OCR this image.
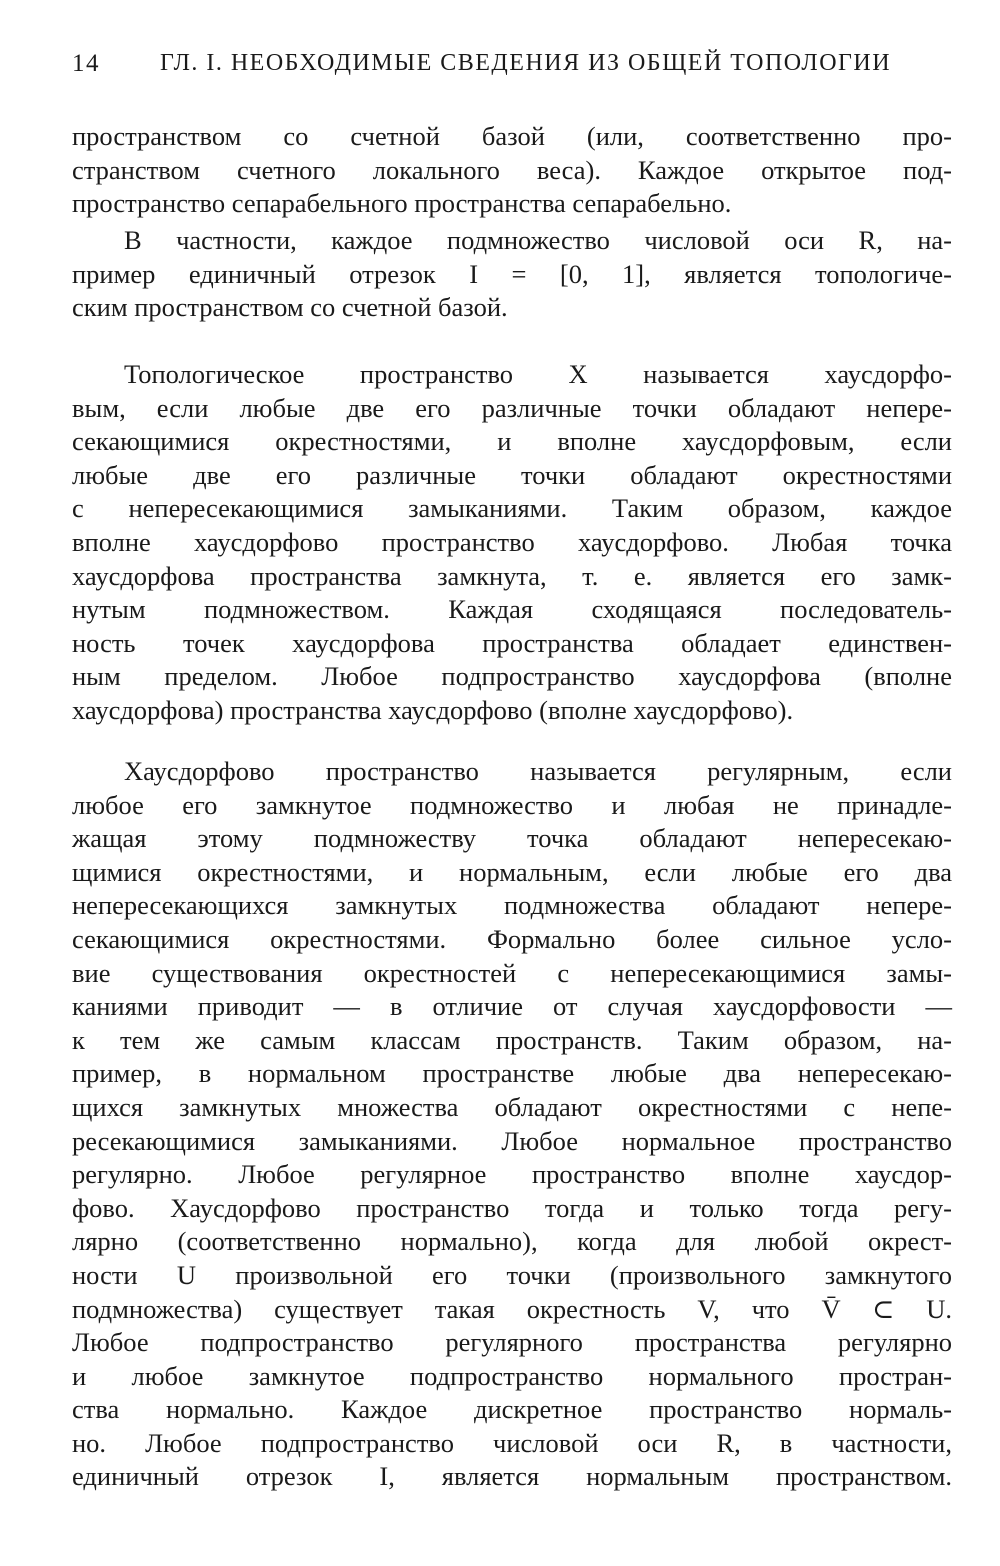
14	ГЛ. I. НЕОБХОДИМЫЕ СВЕДЕНИЯ ИЗ ОБЩЕЙ ТОПОЛОГИИ
пространством со счетной базой (или, соответственно про-
странством счетного локального веса). Каждое открытое под-
пространство сепарабельного пространства сепарабельно.
В частности, каждое подмножество числовой оси R, на-
пример единичный отрезок I = [0, 1], является топологиче-
ским пространством со счетной базой.
Топологическое пространство X называется хаусдорфо-
вым, если любые две его различные точки обладают непере-
секающимися окрестностями, и вполне хаусдорфовым, если
любые две его различные точки обладают окрестностями
с непересекающимися замыканиями. Таким образом, каждое
вполне хаусдорфово пространство хаусдорфово. Любая точка
хаусдорфова пространства замкнута, т. е. является его замк-
нутым подмножеством. Каждая сходящаяся последователь-
ность точек хаусдорфова пространства обладает единствен-
ным пределом. Любое подпространство хаусдорфова (вполне
хаусдорфова) пространства хаусдорфово (вполне хаусдорфово).
Хаусдорфово пространство называется регулярным, если
любое его замкнутое подмножество и любая не принадле-
жащая этому подмножеству точка обладают непересекаю-
щимися окрестностями, и нормальным, если любые его два
непересекающихся замкнутых подмножества обладают непере-
секающимися окрестностями. Формально более сильное усло-
вие существования окрестностей с непересекающимися замы-
каниями приводит — в отличие от случая хаусдорфовости —
к тем же самым классам пространств. Таким образом, на-
пример, в нормальном пространстве любые два непересекаю-
щихся замкнутых множества обладают окрестностями с непе-
ресекающимися замыканиями. Любое нормальное пространство
регулярно. Любое регулярное пространство вполне хаусдор-
фово. Хаусдорфово пространство тогда и только тогда регу-
лярно (соответственно нормально), когда для любой окрест-
ности U произвольной его точки (произвольного замкнутого
подмножества) существует такая окрестность V, что V̄ ⊂ U.
Любое подпространство регулярного пространства регулярно
и любое замкнутое подпространство нормального простран-
ства нормально. Каждое дискретное пространство нормаль-
но. Любое подпространство числовой оси R, в частности,
единичный отрезок I, является нормальным пространством.
